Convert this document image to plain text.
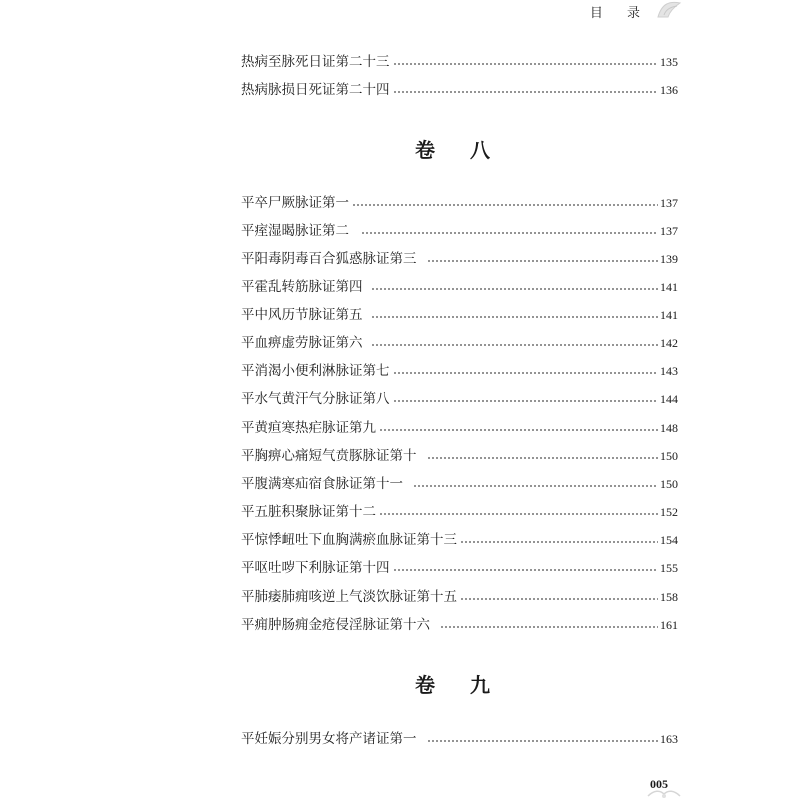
目 录
热病至脉死日证第二十三	135
热病脉损日死证第二十四	136
卷 八
平卒尸厥脉证第一	137
平痓湿暍脉证第二	137
平阳毒阴毒百合狐惑脉证第三	139
平霍乱转筋脉证第四	141
平中风历节脉证第五	141
平血痹虚劳脉证第六	142
平消渴小便利淋脉证第七	143
平水气黄汗气分脉证第八	144
平黄疸寒热疟脉证第九	148
平胸痹心痛短气贲豚脉证第十	150
平腹满寒疝宿食脉证第十一	150
平五脏积聚脉证第十二	152
平惊悸衄吐下血胸满瘀血脉证第十三	154
平呕吐哕下利脉证第十四	155
平肺痿肺痈咳逆上气淡饮脉证第十五	158
平痈肿肠痈金疮侵淫脉证第十六	161
卷 九
平妊娠分别男女将产诸证第一	163
005
